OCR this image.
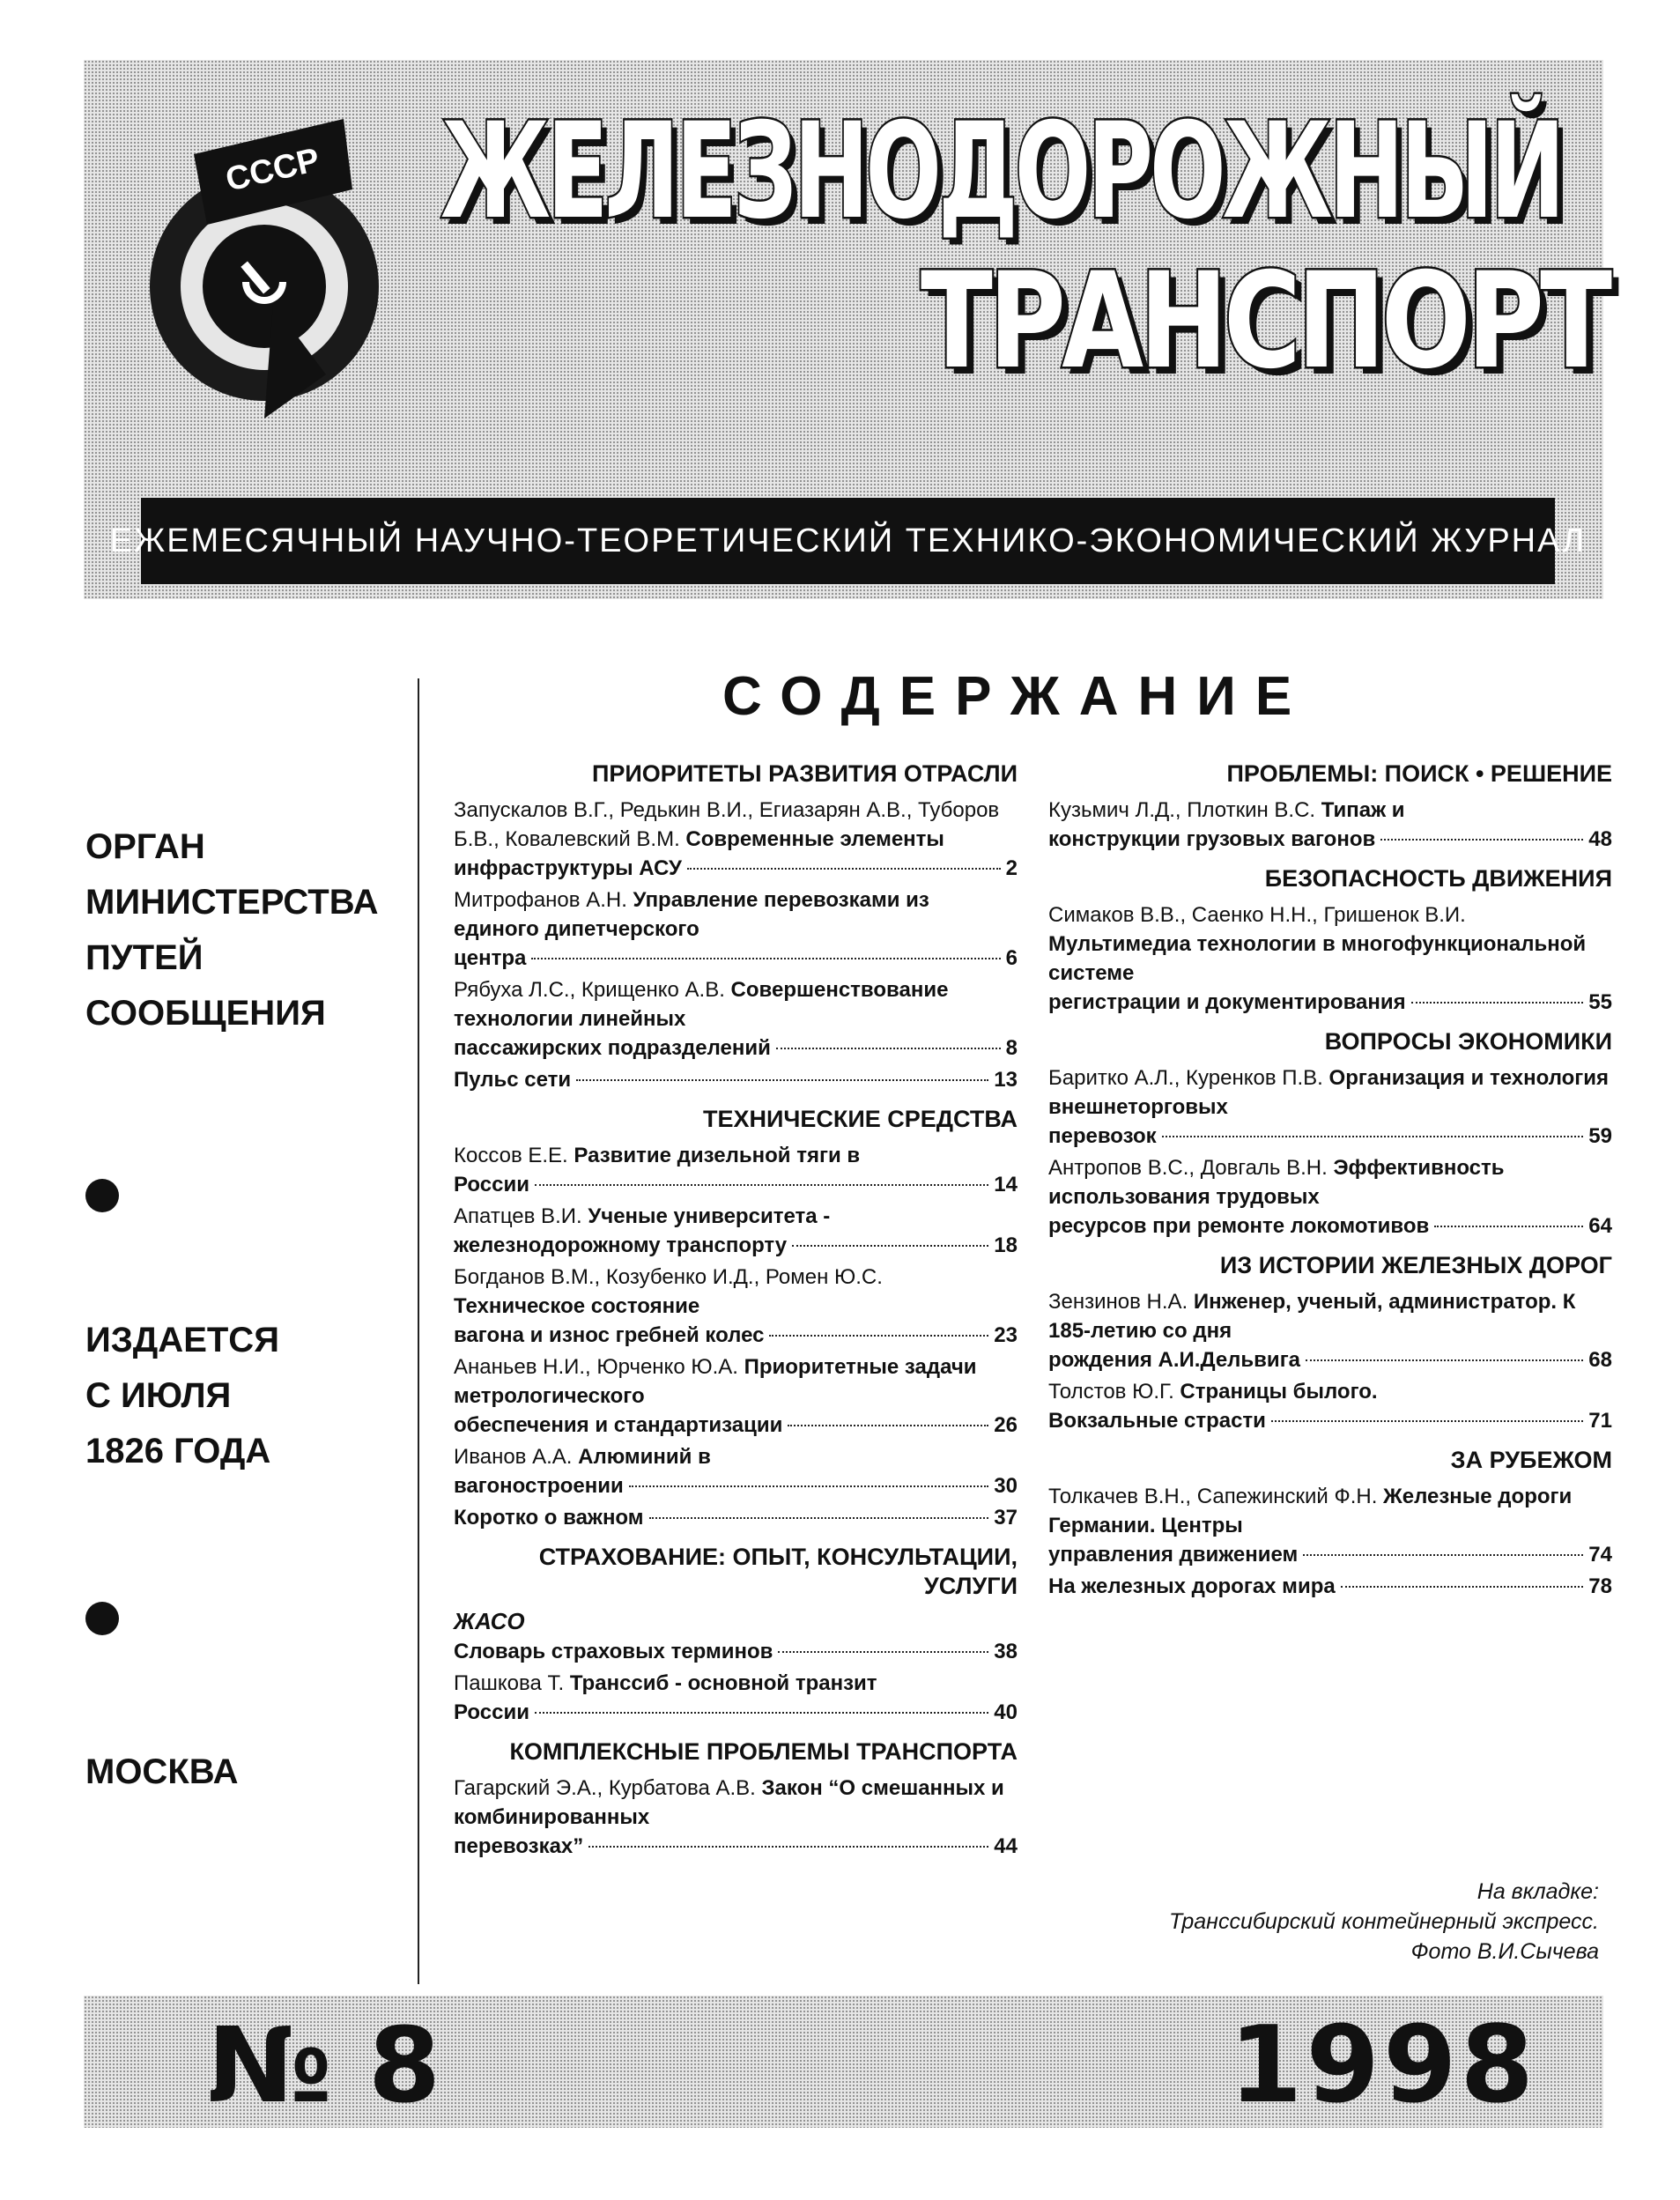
СССР ЖЕЛЕЗНОДОРОЖНЫЙ

ТРАНСПОРТ

ЕЖЕМЕСЯЧНЫЙ НАУЧНО-ТЕОРЕТИЧЕСКИЙ ТЕХНИКО-ЭКОНОМИЧЕСКИЙ ЖУРНАЛ

ОРГАН

МИНИСТЕРСТВА

ПУТЕЙ

СООБЩЕНИЯ

ИЗДАЕТСЯ

С ИЮЛЯ

1826 ГОДА

МОСКВА

СОДЕРЖАНИЕ
ПРИОРИТЕТЫ РАЗВИТИЯ ОТРАСЛИ
Запускалов В.Г., Редькин В.И., Егиазарян А.В., Туборов Б.В., Ковалевский В.М. Современные элементы
инфраструктуры АСУ	2
Митрофанов А.Н. Управление перевозками из единого дипетчерского
центра	6
Рябуха Л.С., Крищенко А.В. Совершенствование технологии линейных
пассажирских подразделений	8
Пульс сети	13
ТЕХНИЧЕСКИЕ СРЕДСТВА
Коссов Е.Е. Развитие дизельной тяги в
России	14
Апатцев В.И. Ученые университета -
железнодорожному транспорту	18
Богданов В.М., Козубенко И.Д., Ромен Ю.С. Техническое состояние
вагона и износ гребней колес	23
Ананьев Н.И., Юрченко Ю.А. Приоритетные задачи метрологического
обеспечения и стандартизации	26
Иванов А.А. Алюминий в
вагоностроении	30
Коротко о важном	37
СТРАХОВАНИЕ: ОПЫТ, КОНСУЛЬТАЦИИ, УСЛУГИ
ЖАСО
Словарь страховых терминов	38
Пашкова Т. Транссиб - основной транзит
России	40
КОМПЛЕКСНЫЕ ПРОБЛЕМЫ ТРАНСПОРТА
Гагарский Э.А., Курбатова А.В. Закон “О смешанных и комбинированных
перевозках”	44
ПРОБЛЕМЫ: ПОИСК • РЕШЕНИЕ
Кузьмич Л.Д., Плоткин В.С. Типаж и
конструкции грузовых вагонов	48
БЕЗОПАСНОСТЬ ДВИЖЕНИЯ
Симаков В.В., Саенко Н.Н., Гришенок В.И. Мультимедиа технологии в многофункциональной системе
регистрации и документирования	55
ВОПРОСЫ ЭКОНОМИКИ
Баритко А.Л., Куренков П.В. Организация и технология внешнеторговых
перевозок	59
Антропов В.С., Довгаль В.Н. Эффективность использования трудовых
ресурсов при ремонте локомотивов	64
ИЗ ИСТОРИИ ЖЕЛЕЗНЫХ ДОРОГ
Зензинов Н.А. Инженер, ученый, администратор. К 185-летию со дня
рождения А.И.Дельвига	68
Толстов Ю.Г. Страницы былого.
Вокзальные страсти	71
ЗА РУБЕЖОМ
Толкачев В.Н., Сапежинский Ф.Н. Железные дороги Германии. Центры
управления движением	74
На железных дорогах мира	78
На вкладке:
Транссибирский контейнерный экспресс.
Фото В.И.Сычева

№ 8	1998
